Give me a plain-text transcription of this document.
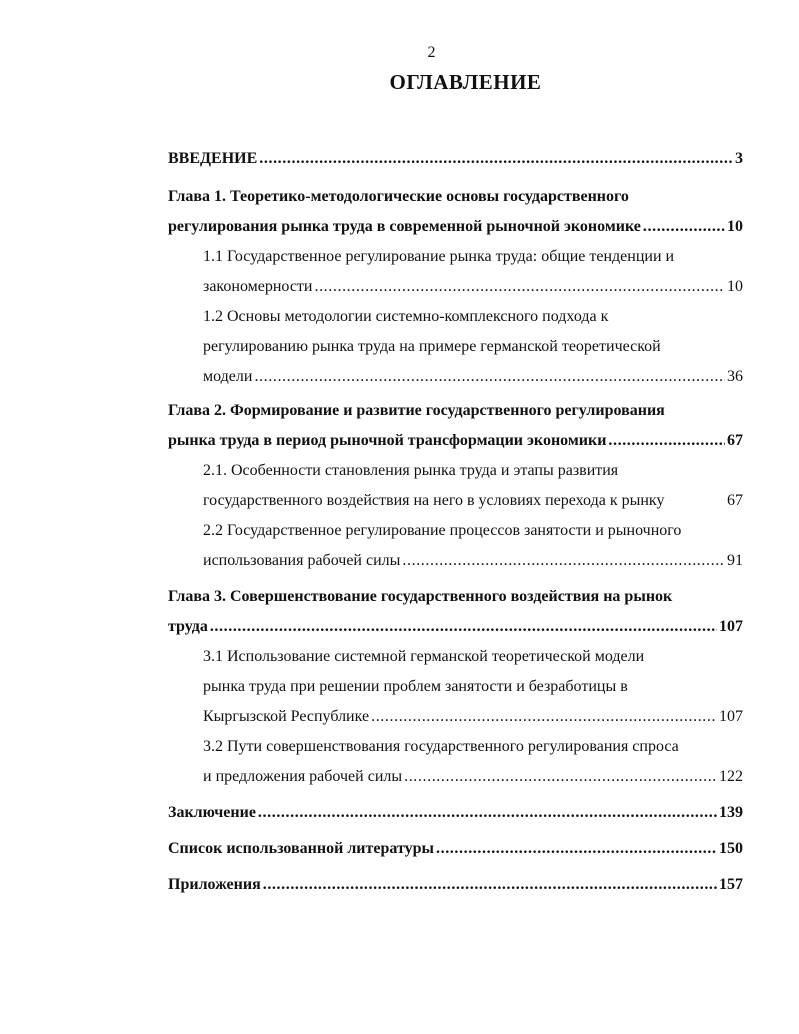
2
ОГЛАВЛЕНИЕ
ВВЕДЕНИЕ .....	3
Глава 1. Теоретико-методологические основы государственного
регулирования рынка труда в современной рыночной экономике .....	10
1.1 Государственное регулирование рынка труда: общие тенденции и
закономерности .....	10
1.2 Основы методологии системно-комплексного подхода к
регулированию рынка труда на примере германской теоретической
модели .....	36
Глава 2. Формирование и развитие государственного регулирования
рынка труда в период рыночной трансформации экономики .....	67
2.1. Особенности становления рынка труда и этапы развития
государственного воздействия на него в условиях перехода к рынку	67
2.2 Государственное регулирование процессов занятости и рыночного
использования рабочей силы .....	91
Глава 3. Совершенствование государственного воздействия на рынок
труда .....	107
3.1 Использование системной германской теоретической модели
рынка труда при решении проблем занятости и безработицы в
Кыргызской Республике .....	107
3.2 Пути совершенствования государственного регулирования спроса
и предложения рабочей силы .....	122
Заключение .....	139
Список использованной литературы .....	150
Приложения .....	157
